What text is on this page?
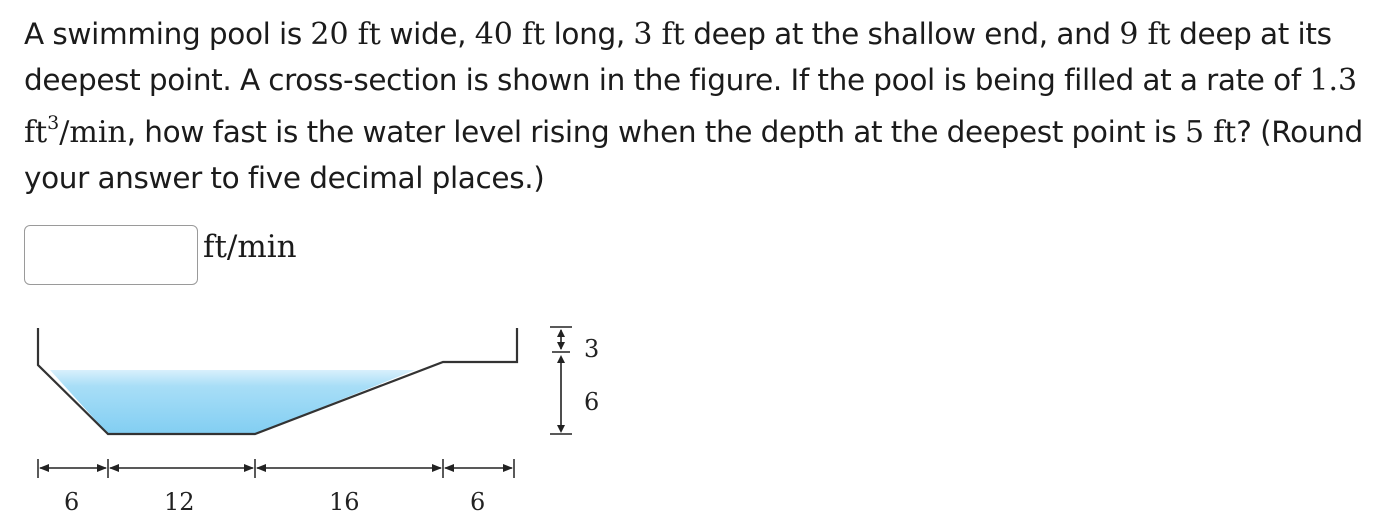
A swimming pool is 20 ft wide, 40 ft long, 3 ft deep at the shallow end, and 9 ft deep at its deepest point. A cross-section is shown in the figure. If the pool is being filled at a rate of 1.3 $ft^3/\min$, how fast is the water level rising when the depth at the deepest point is 5 ft? (Round your answer to five decimal places.)
ft/min
3
6
6	12	16	6
